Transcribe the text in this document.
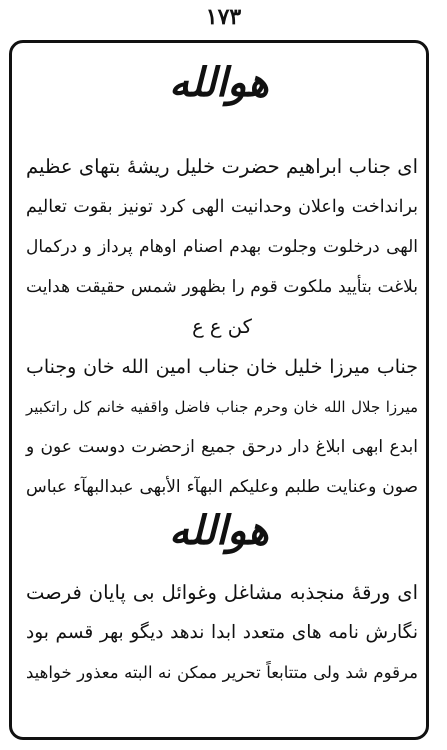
۱۷۳
هوالله
ای جناب ابراهیم حضرت خلیل ریشهٔ بتهای عظیم
برانداخت واعلان وحدانیت الهی کرد تونیز بقوت تعالیم
الهی درخلوت وجلوت بهدم اصنام اوهام پرداز و درکمال
بلاغت بتأیید ملکوت قوم را بظهور شمس حقیقت هدایت
کن ع ع
جناب میرزا خلیل خان جناب امین الله خان وجناب
میرزا جلال الله خان وحرم جناب فاضل واقفیه خانم کل راتکبیر
ابدع ابهی ابلاغ دار درحق جمیع ازحضرت دوست عون و
صون وعنایت طلبم وعلیکم البهآء الأبهی عبدالبهآء عباس
هوالله
ای ورقهٔ منجذبه مشاغل وغوائل بی پایان فرصت
نگارش نامه های متعدد ابدا ندهد دیگو بهر قسم بود
مرقوم شد ولی متتابعاً تحریر ممکن نه البته معذور خواهید
